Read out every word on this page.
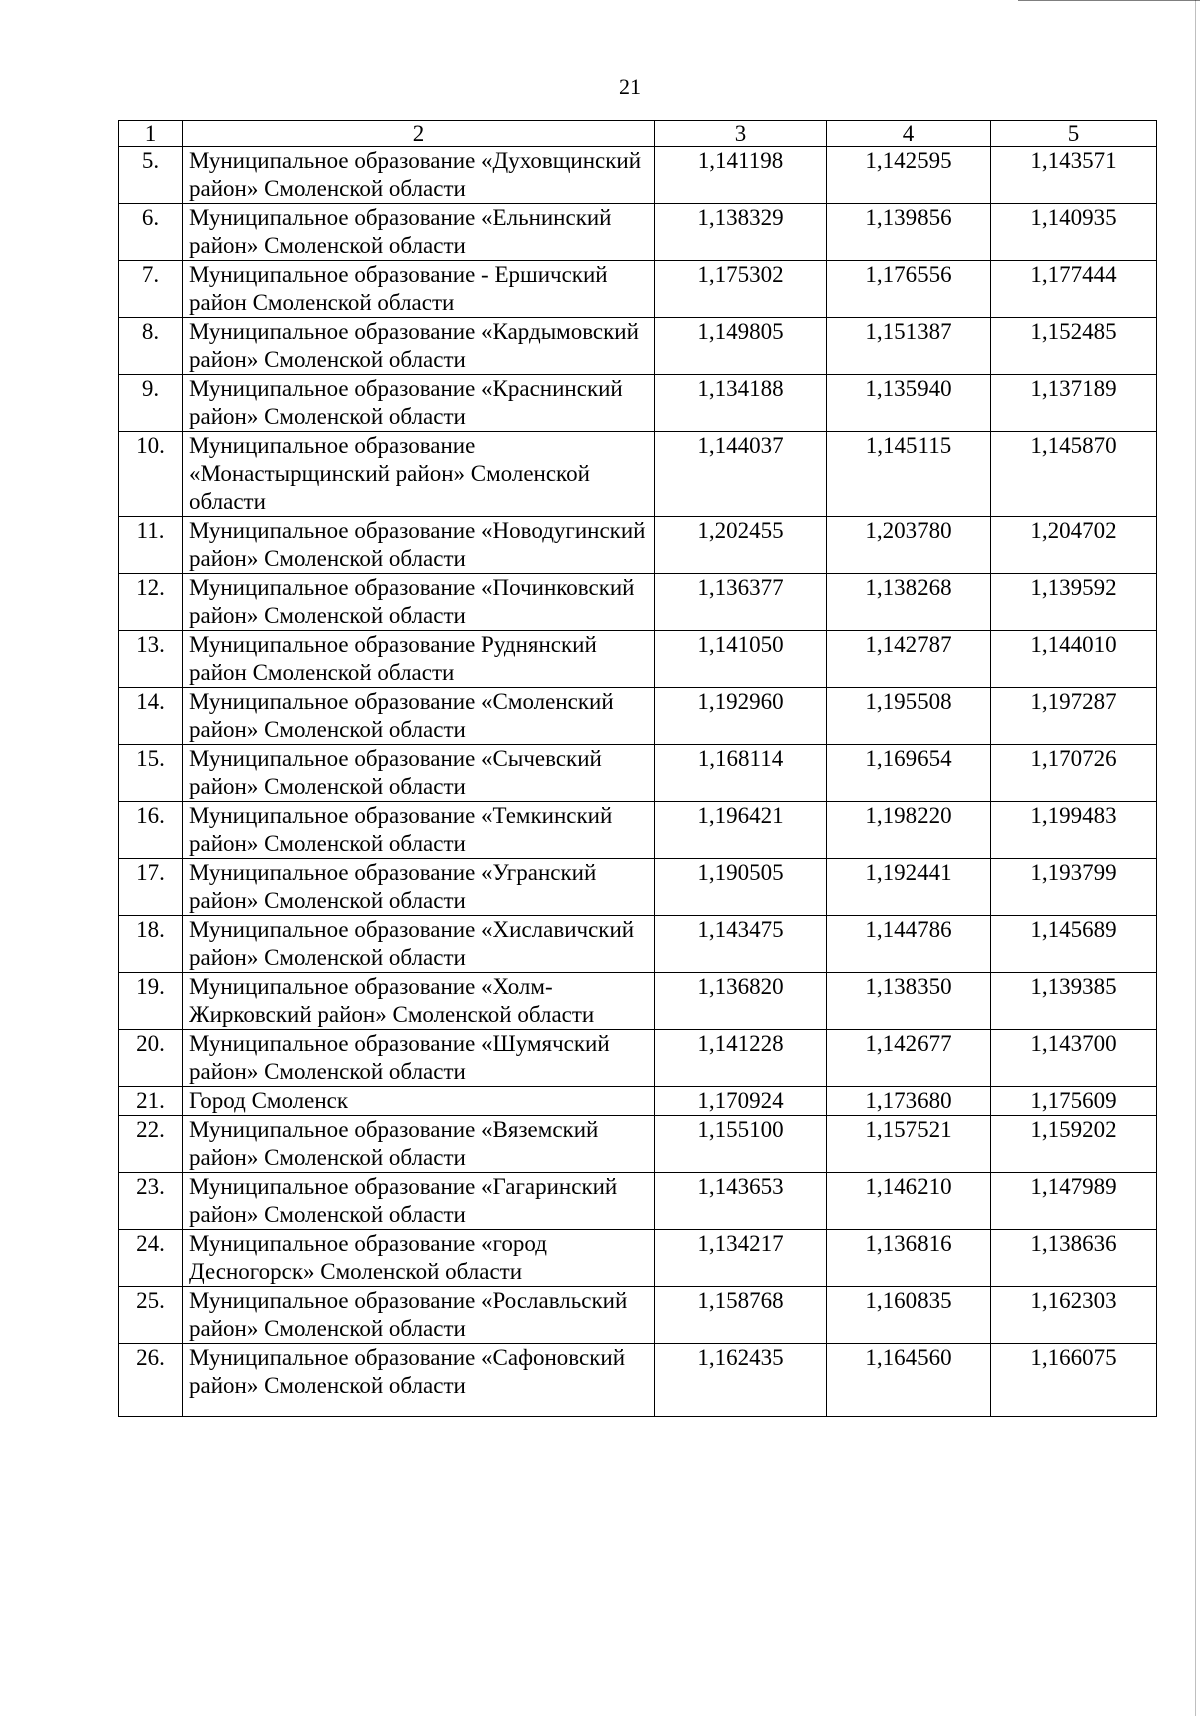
21
1	2	3	4	5
5.	Муниципальное образование «Духовщинский район» Смоленской области	1,141198	1,142595	1,143571
6.	Муниципальное образование «Ельнинский район» Смоленской области	1,138329	1,139856	1,140935
7.	Муниципальное образование - Ершичский район Смоленской области	1,175302	1,176556	1,177444
8.	Муниципальное образование «Кардымовский район» Смоленской области	1,149805	1,151387	1,152485
9.	Муниципальное образование «Краснинский район» Смоленской области	1,134188	1,135940	1,137189
10.	Муниципальное образование «Монастырщинский район» Смоленской области	1,144037	1,145115	1,145870
11.	Муниципальное образование «Новодугинский район» Смоленской области	1,202455	1,203780	1,204702
12.	Муниципальное образование «Починковский район» Смоленской области	1,136377	1,138268	1,139592
13.	Муниципальное образование Руднянский район Смоленской области	1,141050	1,142787	1,144010
14.	Муниципальное образование «Смоленский район» Смоленской области	1,192960	1,195508	1,197287
15.	Муниципальное образование «Сычевский район» Смоленской области	1,168114	1,169654	1,170726
16.	Муниципальное образование «Темкинский район» Смоленской области	1,196421	1,198220	1,199483
17.	Муниципальное образование «Угранский район» Смоленской области	1,190505	1,192441	1,193799
18.	Муниципальное образование «Хиславичский район» Смоленской области	1,143475	1,144786	1,145689
19.	Муниципальное образование «Холм-Жирковский район» Смоленской области	1,136820	1,138350	1,139385
20.	Муниципальное образование «Шумячский район» Смоленской области	1,141228	1,142677	1,143700
21.	Город Смоленск	1,170924	1,173680	1,175609
22.	Муниципальное образование «Вяземский район» Смоленской области	1,155100	1,157521	1,159202
23.	Муниципальное образование «Гагаринский район» Смоленской области	1,143653	1,146210	1,147989
24.	Муниципальное образование «город Десногорск» Смоленской области	1,134217	1,136816	1,138636
25.	Муниципальное образование «Рославльский район» Смоленской области	1,158768	1,160835	1,162303
26.	Муниципальное образование «Сафоновский район» Смоленской области	1,162435	1,164560	1,166075
